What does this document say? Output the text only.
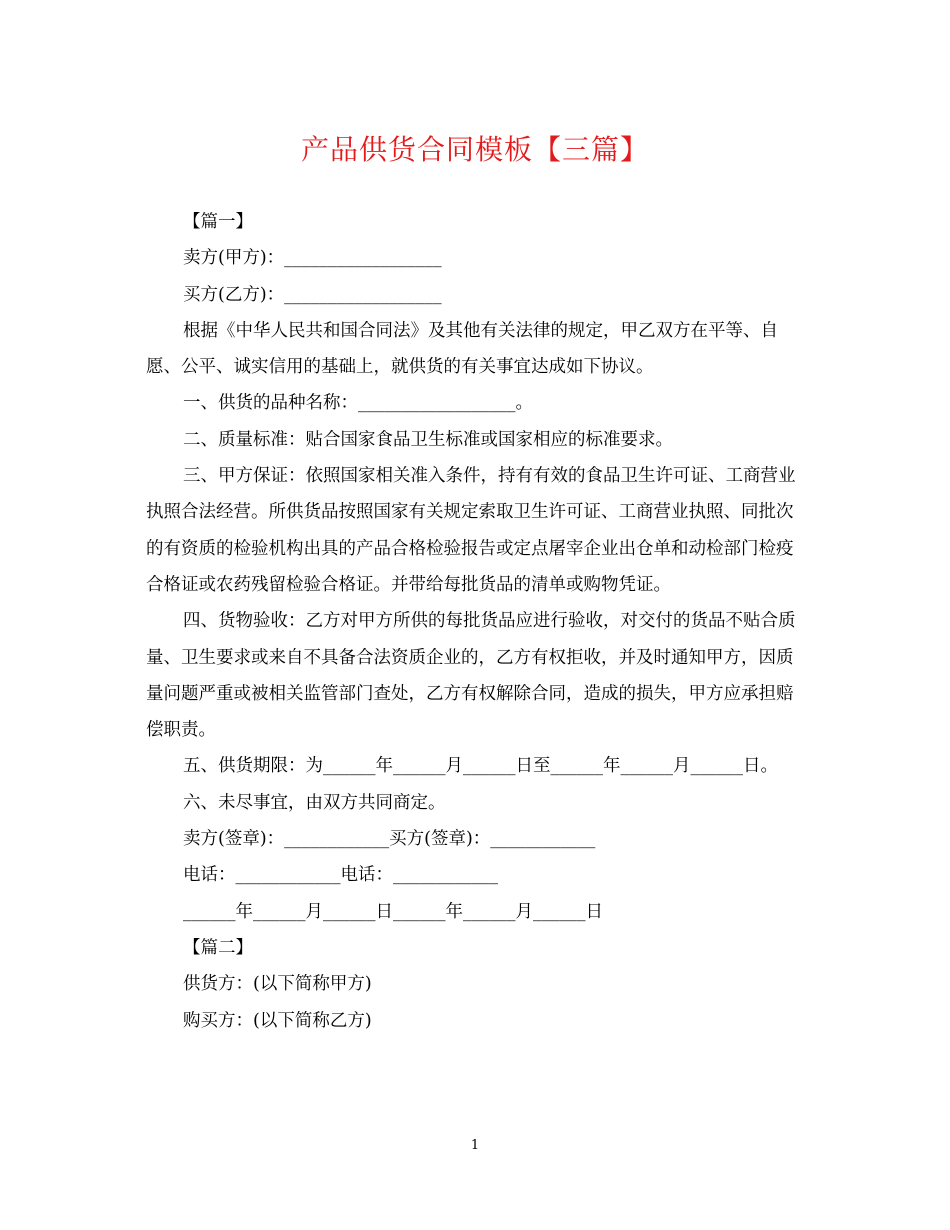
产品供货合同模板【三篇】

【篇一】

卖方(甲方)：__________________

买方(乙方)：__________________

根据《中华人民共和国合同法》及其他有关法律的规定，甲乙双方在平等、自愿、公平、诚实信用的基础上，就供货的有关事宜达成如下协议。

一、供货的品种名称：__________________。

二、质量标准：贴合国家食品卫生标准或国家相应的标准要求。

三、甲方保证：依照国家相关准入条件，持有有效的食品卫生许可证、工商营业执照合法经营。所供货品按照国家有关规定索取卫生许可证、工商营业执照、同批次的有资质的检验机构出具的产品合格检验报告或定点屠宰企业出仓单和动检部门检疫合格证或农药残留检验合格证。并带给每批货品的清单或购物凭证。

四、货物验收：乙方对甲方所供的每批货品应进行验收，对交付的货品不贴合质量、卫生要求或来自不具备合法资质企业的，乙方有权拒收，并及时通知甲方，因质量问题严重或被相关监管部门查处，乙方有权解除合同，造成的损失，甲方应承担赔偿职责。

五、供货期限：为______年______月______日至______年______月______日。

六、未尽事宜，由双方共同商定。

卖方(签章)：____________买方(签章)：____________

电话：____________电话：____________

______年______月______日______年______月______日

【篇二】

供货方：(以下简称甲方)

购买方：(以下简称乙方)

1
